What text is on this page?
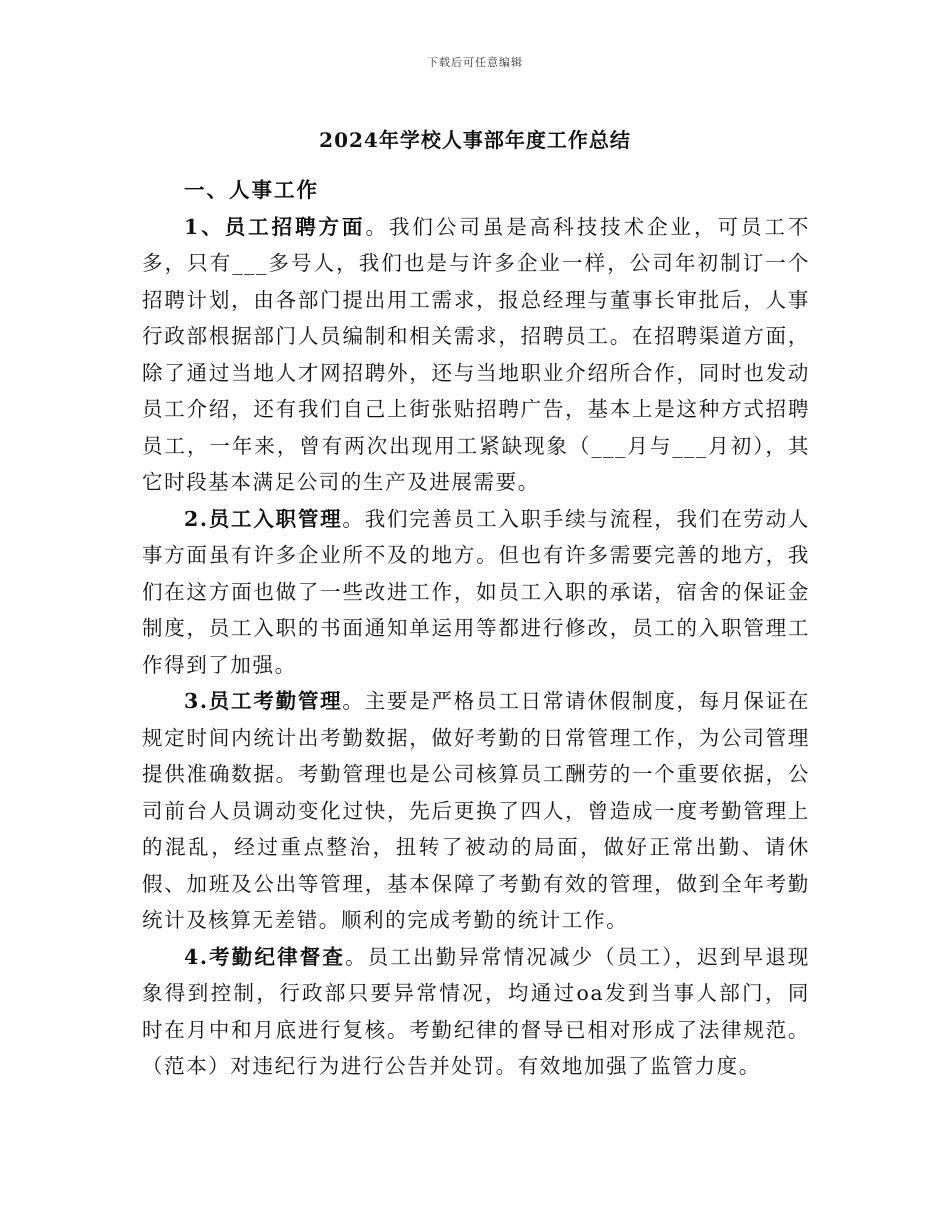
下载后可任意编辑
2024年学校人事部年度工作总结

一、人事工作

1、员工招聘方面。我们公司虽是高科技技术企业，可员工不多，只有___多号人，我们也是与许多企业一样，公司年初制订一个招聘计划，由各部门提出用工需求，报总经理与董事长审批后，人事行政部根据部门人员编制和相关需求，招聘员工。在招聘渠道方面，除了通过当地人才网招聘外，还与当地职业介绍所合作，同时也发动员工介绍，还有我们自己上街张贴招聘广告，基本上是这种方式招聘员工，一年来，曾有两次出现用工紧缺现象（___月与___月初），其它时段基本满足公司的生产及进展需要。

2.员工入职管理。我们完善员工入职手续与流程，我们在劳动人事方面虽有许多企业所不及的地方。但也有许多需要完善的地方，我们在这方面也做了一些改进工作，如员工入职的承诺，宿舍的保证金制度，员工入职的书面通知单运用等都进行修改，员工的入职管理工作得到了加强。

3.员工考勤管理。主要是严格员工日常请休假制度，每月保证在规定时间内统计出考勤数据，做好考勤的日常管理工作，为公司管理提供准确数据。考勤管理也是公司核算员工酬劳的一个重要依据，公司前台人员调动变化过快，先后更换了四人，曾造成一度考勤管理上的混乱，经过重点整治，扭转了被动的局面，做好正常出勤、请休假、加班及公出等管理，基本保障了考勤有效的管理，做到全年考勤统计及核算无差错。顺利的完成考勤的统计工作。

4.考勤纪律督查。员工出勤异常情况减少（员工），迟到早退现象得到控制，行政部只要异常情况，均通过oa发到当事人部门，同时在月中和月底进行复核。考勤纪律的督导已相对形成了法律规范。（范本）对违纪行为进行公告并处罚。有效地加强了监管力度。
